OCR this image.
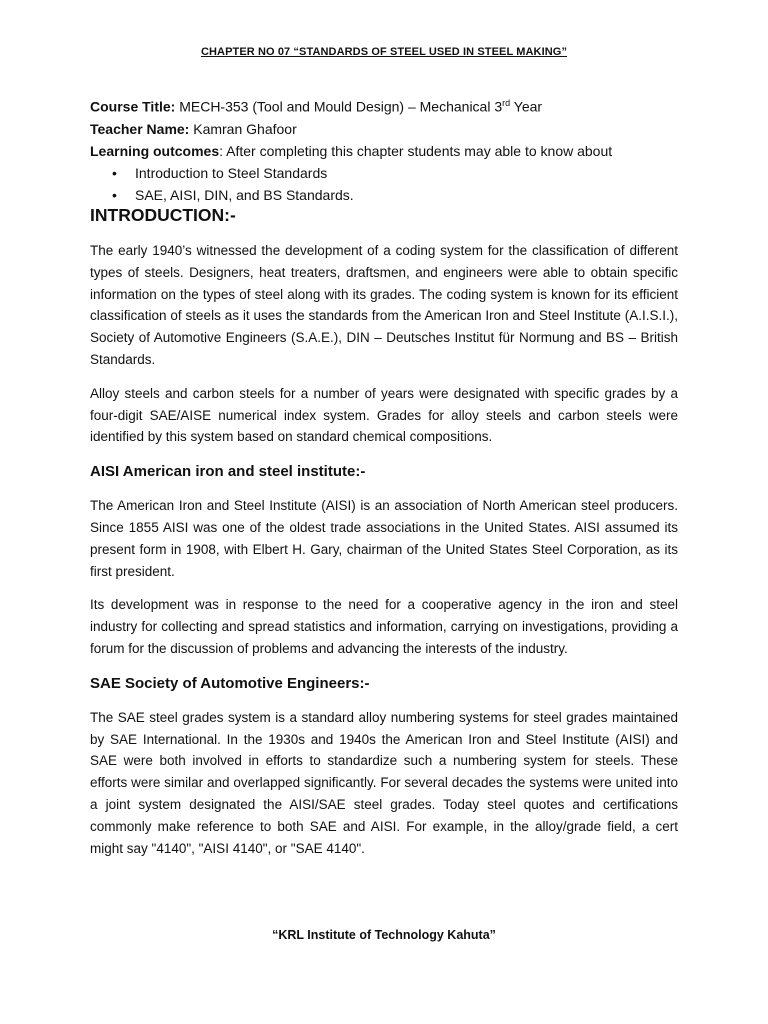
CHAPTER NO 07 “STANDARDS OF STEEL USED IN STEEL MAKING”
Course Title: MECH-353 (Tool and Mould Design) – Mechanical 3rd Year
Teacher Name: Kamran Ghafoor
Learning outcomes: After completing this chapter students may able to know about
• Introduction to Steel Standards
• SAE, AISI, DIN, and BS Standards.
INTRODUCTION:-

The early 1940’s witnessed the development of a coding system for the classification of different types of steels. Designers, heat treaters, draftsmen, and engineers were able to obtain specific information on the types of steel along with its grades. The coding system is known for its efficient classification of steels as it uses the standards from the American Iron and Steel Institute (A.I.S.I.), Society of Automotive Engineers (S.A.E.), DIN – Deutsches Institut für Normung and BS – British Standards.

Alloy steels and carbon steels for a number of years were designated with specific grades by a four-digit SAE/AISE numerical index system. Grades for alloy steels and carbon steels were identified by this system based on standard chemical compositions.

AISI American iron and steel institute:-

The American Iron and Steel Institute (AISI) is an association of North American steel producers. Since 1855 AISI was one of the oldest trade associations in the United States. AISI assumed its present form in 1908, with Elbert H. Gary, chairman of the United States Steel Corporation, as its first president.

Its development was in response to the need for a cooperative agency in the iron and steel industry for collecting and spread statistics and information, carrying on investigations, providing a forum for the discussion of problems and advancing the interests of the industry.

SAE Society of Automotive Engineers:-

The SAE steel grades system is a standard alloy numbering systems for steel grades maintained by SAE International. In the 1930s and 1940s the American Iron and Steel Institute (AISI) and SAE were both involved in efforts to standardize such a numbering system for steels. These efforts were similar and overlapped significantly. For several decades the systems were united into a joint system designated the AISI/SAE steel grades. Today steel quotes and certifications commonly make reference to both SAE and AISI. For example, in the alloy/grade field, a cert might say "4140", "AISI 4140", or "SAE 4140".

“KRL Institute of Technology Kahuta”
